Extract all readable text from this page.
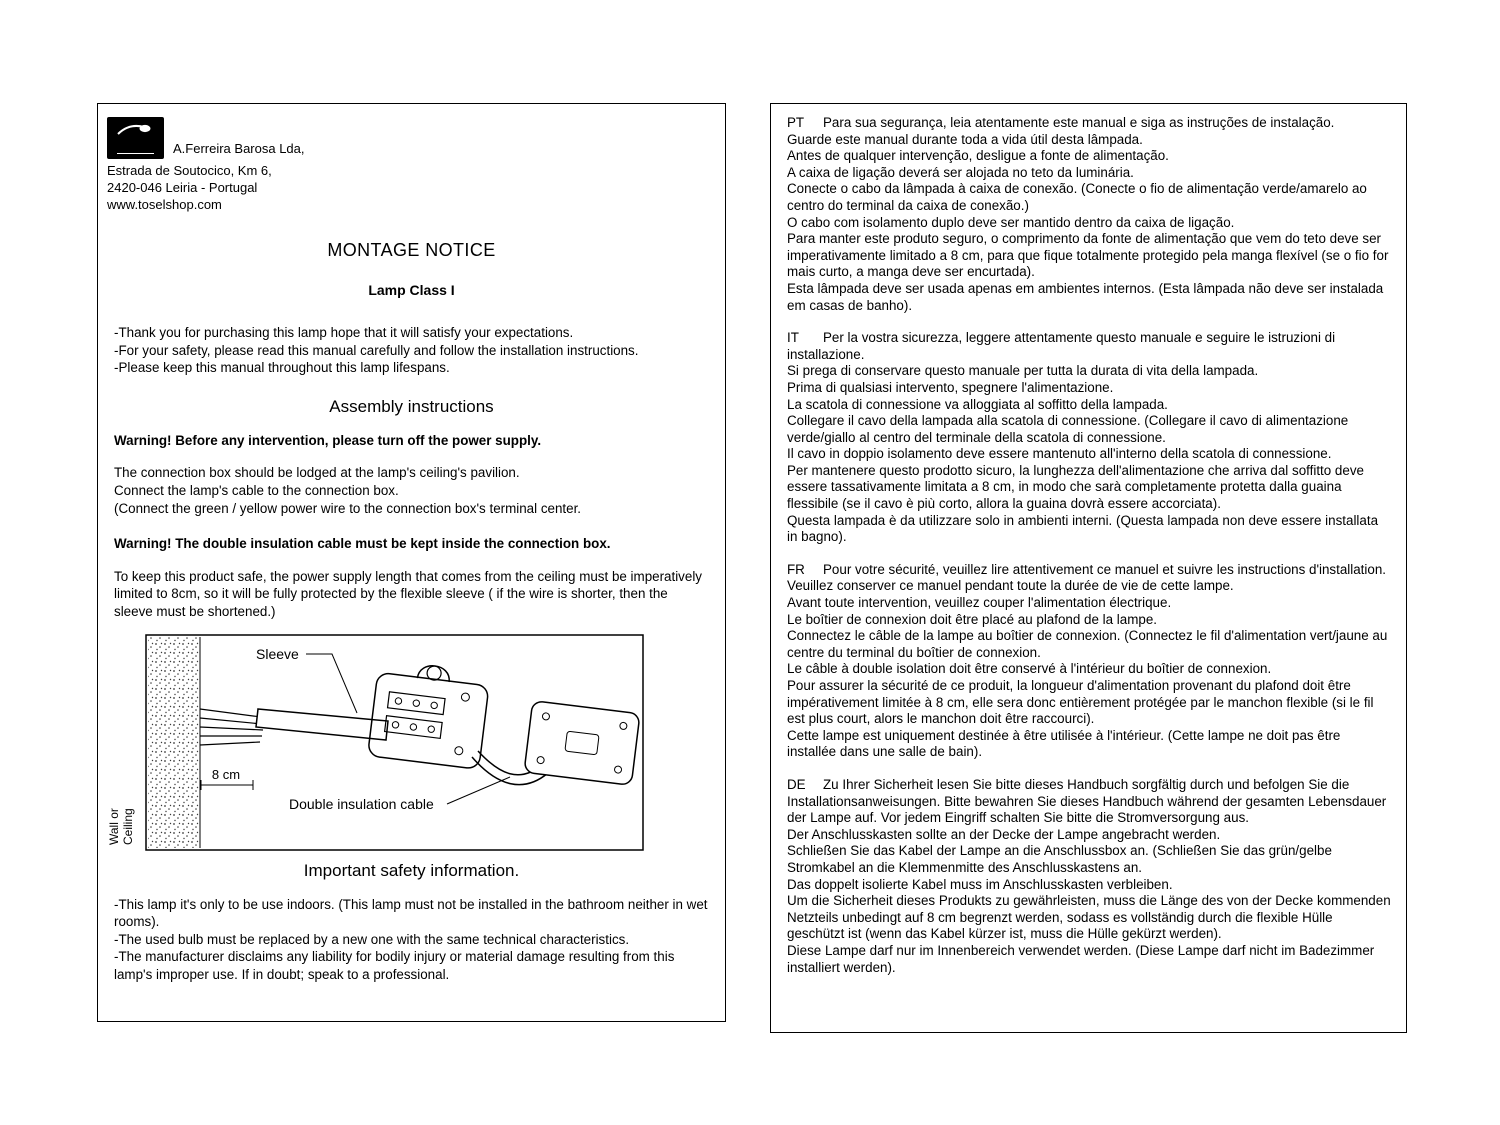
Tosel A.Ferreira Barosa Lda,
Estrada de Soutocico, Km 6,
2420-046 Leiria - Portugal
www.toselshop.com
MONTAGE NOTICE
Lamp Class I
-Thank you for purchasing this lamp hope that it will satisfy your expectations.
-For your safety, please read this manual carefully and follow the installation instructions.
-Please keep this manual throughout this lamp lifespans.
Assembly instructions
Warning! Before any intervention, please turn off the power supply.
The connection box should be lodged at the lamp's ceiling's pavilion.
Connect the lamp's cable to the connection box.
(Connect the green / yellow power wire to the connection box's terminal center.
Warning! The double insulation cable must be kept inside the connection box.
To keep this product safe, the power supply length that comes from the ceiling must be imperatively limited to 8cm, so it will be fully protected by the flexible sleeve ( if the wire is shorter, then the sleeve must be shortened.)
Sleeve
8 cm
Double insulation cable
Wall or Ceiling
Important safety information.
-This lamp it's only to be use indoors. (This lamp must not be installed in the bathroom neither in wet rooms).
-The used bulb must be replaced by a new one with the same technical characteristics.
-The manufacturer disclaims any liability for bodily injury or material damage resulting from this lamp's improper use. If in doubt; speak to a professional.
PT Para sua segurança, leia atentamente este manual e siga as instruções de instalação.
Guarde este manual durante toda a vida útil desta lâmpada.
Antes de qualquer intervenção, desligue a fonte de alimentação.
A caixa de ligação deverá ser alojada no teto da luminária.
Conecte o cabo da lâmpada à caixa de conexão. (Conecte o fio de alimentação verde/amarelo ao centro do terminal da caixa de conexão.)
O cabo com isolamento duplo deve ser mantido dentro da caixa de ligação.
Para manter este produto seguro, o comprimento da fonte de alimentação que vem do teto deve ser imperativamente limitado a 8 cm, para que fique totalmente protegido pela manga flexível (se o fio for mais curto, a manga deve ser encurtada).
Esta lâmpada deve ser usada apenas em ambientes internos. (Esta lâmpada não deve ser instalada em casas de banho).
IT Per la vostra sicurezza, leggere attentamente questo manuale e seguire le istruzioni di installazione.
Si prega di conservare questo manuale per tutta la durata di vita della lampada.
Prima di qualsiasi intervento, spegnere l'alimentazione.
La scatola di connessione va alloggiata al soffitto della lampada.
Collegare il cavo della lampada alla scatola di connessione. (Collegare il cavo di alimentazione verde/giallo al centro del terminale della scatola di connessione.
Il cavo in doppio isolamento deve essere mantenuto all'interno della scatola di connessione.
Per mantenere questo prodotto sicuro, la lunghezza dell'alimentazione che arriva dal soffitto deve essere tassativamente limitata a 8 cm, in modo che sarà completamente protetta dalla guaina flessibile (se il cavo è più corto, allora la guaina dovrà essere accorciata).
Questa lampada è da utilizzare solo in ambienti interni. (Questa lampada non deve essere installata in bagno).
FR Pour votre sécurité, veuillez lire attentivement ce manuel et suivre les instructions d'installation. Veuillez conserver ce manuel pendant toute la durée de vie de cette lampe.
Avant toute intervention, veuillez couper l'alimentation électrique.
Le boîtier de connexion doit être placé au plafond de la lampe.
Connectez le câble de la lampe au boîtier de connexion. (Connectez le fil d'alimentation vert/jaune au centre du terminal du boîtier de connexion.
Le câble à double isolation doit être conservé à l'intérieur du boîtier de connexion.
Pour assurer la sécurité de ce produit, la longueur d'alimentation provenant du plafond doit être impérativement limitée à 8 cm, elle sera donc entièrement protégée par le manchon flexible (si le fil est plus court, alors le manchon doit être raccourci).
Cette lampe est uniquement destinée à être utilisée à l'intérieur. (Cette lampe ne doit pas être installée dans une salle de bain).
DE Zu Ihrer Sicherheit lesen Sie bitte dieses Handbuch sorgfältig durch und befolgen Sie die Installationsanweisungen. Bitte bewahren Sie dieses Handbuch während der gesamten Lebensdauer der Lampe auf. Vor jedem Eingriff schalten Sie bitte die Stromversorgung aus.
Der Anschlusskasten sollte an der Decke der Lampe angebracht werden.
Schließen Sie das Kabel der Lampe an die Anschlussbox an. (Schließen Sie das grün/gelbe Stromkabel an die Klemmenmitte des Anschlusskastens an.
Das doppelt isolierte Kabel muss im Anschlusskasten verbleiben.
Um die Sicherheit dieses Produkts zu gewährleisten, muss die Länge des von der Decke kommenden Netzteils unbedingt auf 8 cm begrenzt werden, sodass es vollständig durch die flexible Hülle geschützt ist (wenn das Kabel kürzer ist, muss die Hülle gekürzt werden).
Diese Lampe darf nur im Innenbereich verwendet werden. (Diese Lampe darf nicht im Badezimmer installiert werden).
